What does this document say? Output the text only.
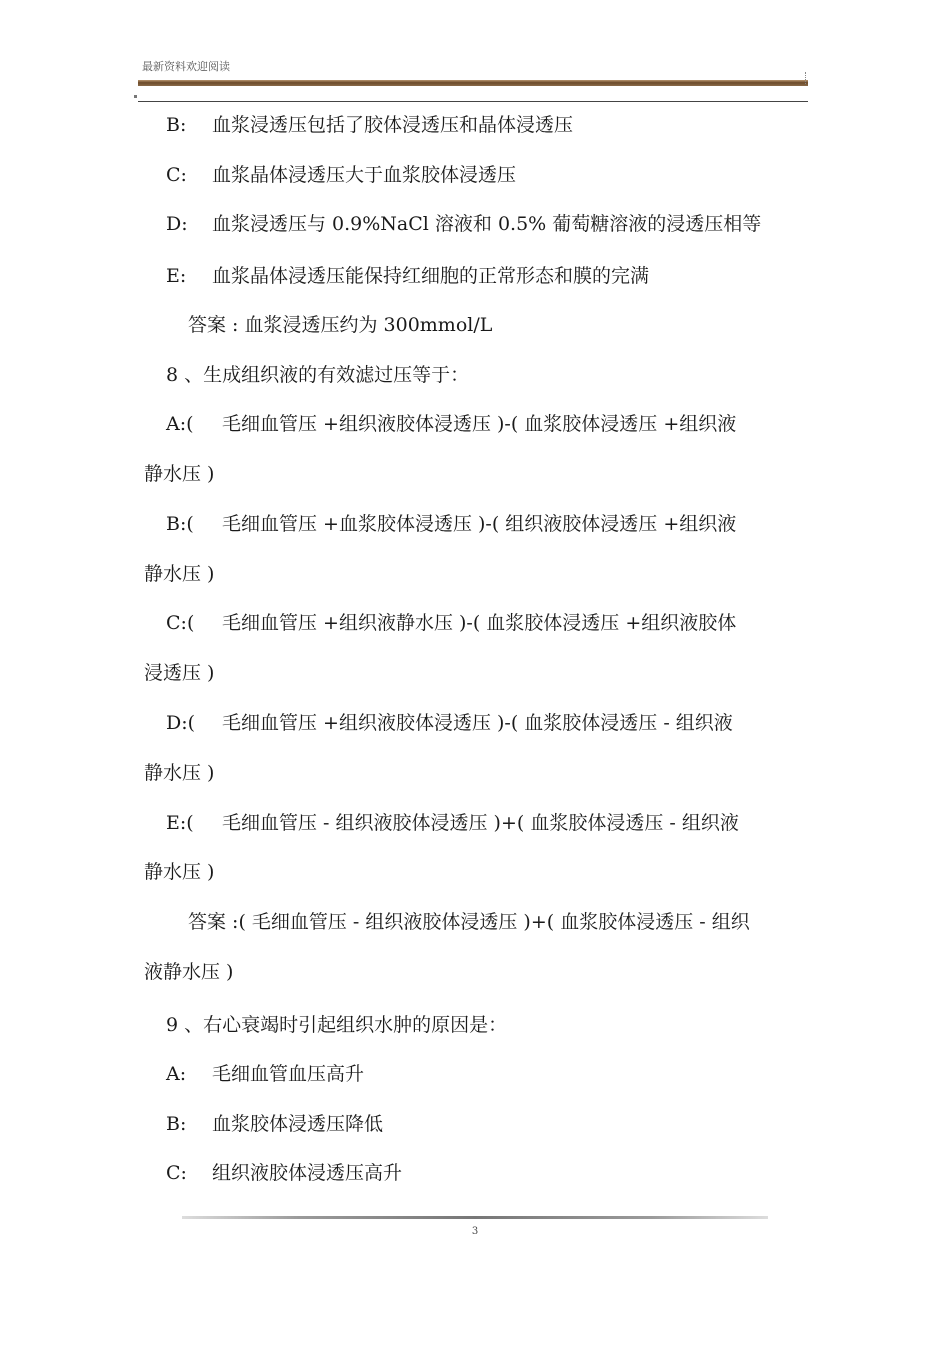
最新资料欢迎阅读
B: 血浆浸透压包括了胶体浸透压和晶体浸透压
C: 血浆晶体浸透压大于血浆胶体浸透压
D: 血浆浸透压与 0.9%NaCl 溶液和 0.5% 葡萄糖溶液的浸透压相等
E: 血浆晶体浸透压能保持红细胞的正常形态和膜的完满
答案 : 血浆浸透压约为 300mmol/L
8 、生成组织液的有效滤过压等于：
A:( 毛细血管压 +组织液胶体浸透压 )-( 血浆胶体浸透压 +组织液
静水压 )
B:( 毛细血管压 +血浆胶体浸透压 )-( 组织液胶体浸透压 +组织液
静水压 )
C:( 毛细血管压 +组织液静水压 )-( 血浆胶体浸透压 +组织液胶体
浸透压 )
D:( 毛细血管压 +组织液胶体浸透压 )-( 血浆胶体浸透压 - 组织液
静水压 )
E:( 毛细血管压 - 组织液胶体浸透压 )+( 血浆胶体浸透压 - 组织液
静水压 )
答案 :( 毛细血管压 - 组织液胶体浸透压 )+( 血浆胶体浸透压 - 组织
液静水压 )
9 、右心衰竭时引起组织水肿的原因是：
A: 毛细血管血压高升
B: 血浆胶体浸透压降低
C: 组织液胶体浸透压高升
3
